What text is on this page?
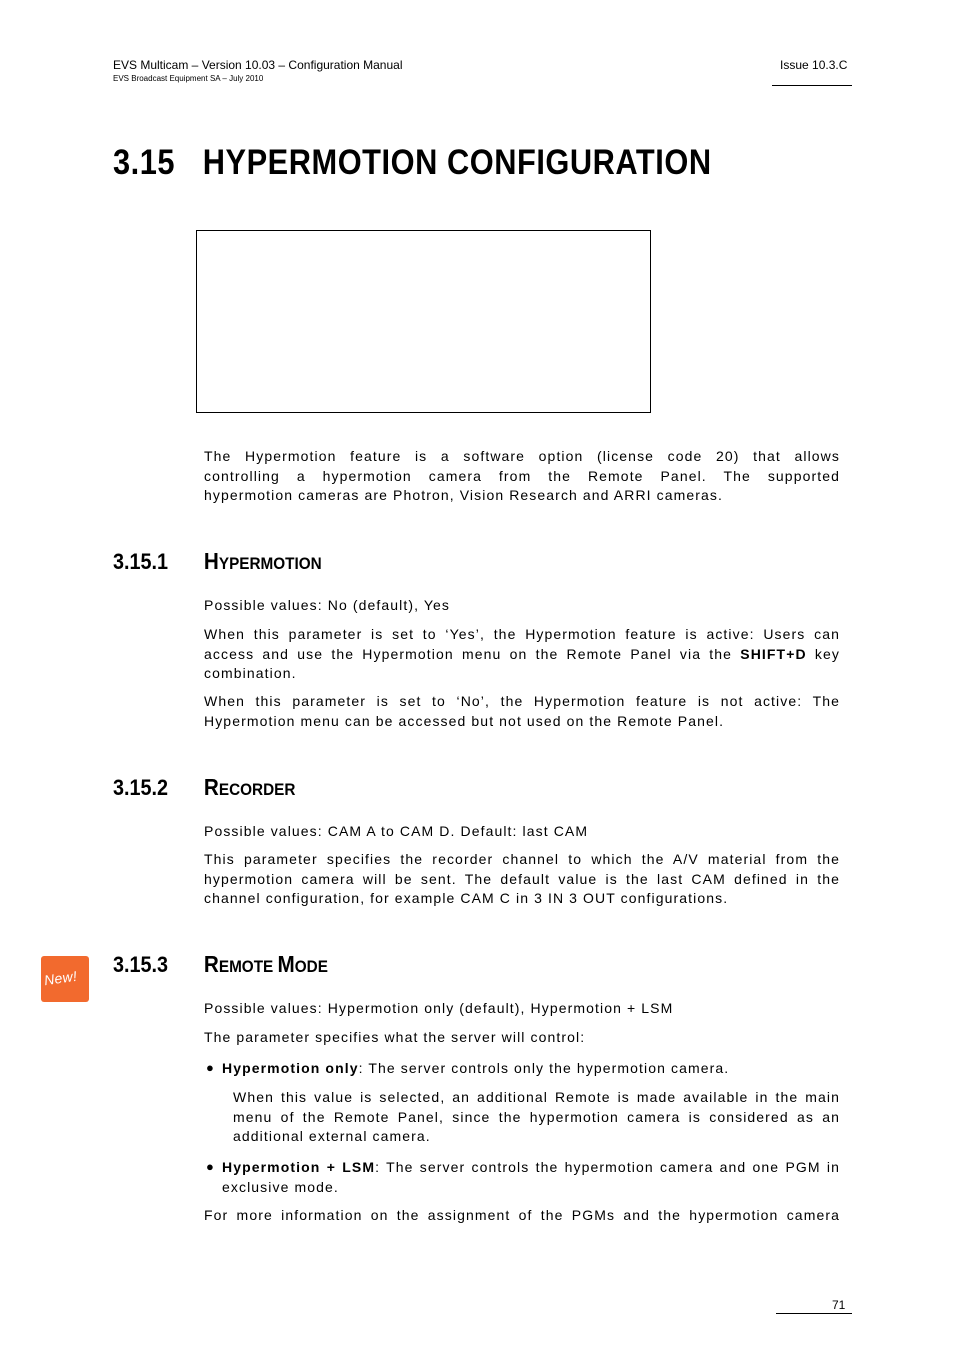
EVS Multicam – Version 10.03 – Configuration Manual
EVS Broadcast Equipment SA – July 2010
Issue 10.3.C
3.15 HYPERMOTION CONFIGURATION
The Hypermotion feature is a software option (license code 20) that allows
controlling a hypermotion camera from the Remote Panel. The supported
hypermotion cameras are Photron, Vision Research and ARRI cameras.
3.15.1 HYPERMOTION
Possible values: No (default), Yes
When this parameter is set to ‘Yes’, the Hypermotion feature is active: Users can access and use the Hypermotion menu on the Remote Panel via the SHIFT+D key combination.
When this parameter is set to ‘No’, the Hypermotion feature is not active: The Hypermotion menu can be accessed but not used on the Remote Panel.
3.15.2 RECORDER
Possible values: CAM A to CAM D. Default: last CAM
This parameter specifies the recorder channel to which the A/V material from the hypermotion camera will be sent. The default value is the last CAM defined in the channel configuration, for example CAM C in 3 IN 3 OUT configurations.
New!
3.15.3 REMOTE MODE
Possible values: Hypermotion only (default), Hypermotion + LSM
The parameter specifies what the server will control:
● Hypermotion only: The server controls only the hypermotion camera.
When this value is selected, an additional Remote is made available in the main menu of the Remote Panel, since the hypermotion camera is considered as an additional external camera.
● Hypermotion + LSM: The server controls the hypermotion camera and one PGM in exclusive mode.
For more information on the assignment of the PGMs and the hypermotion camera
71
